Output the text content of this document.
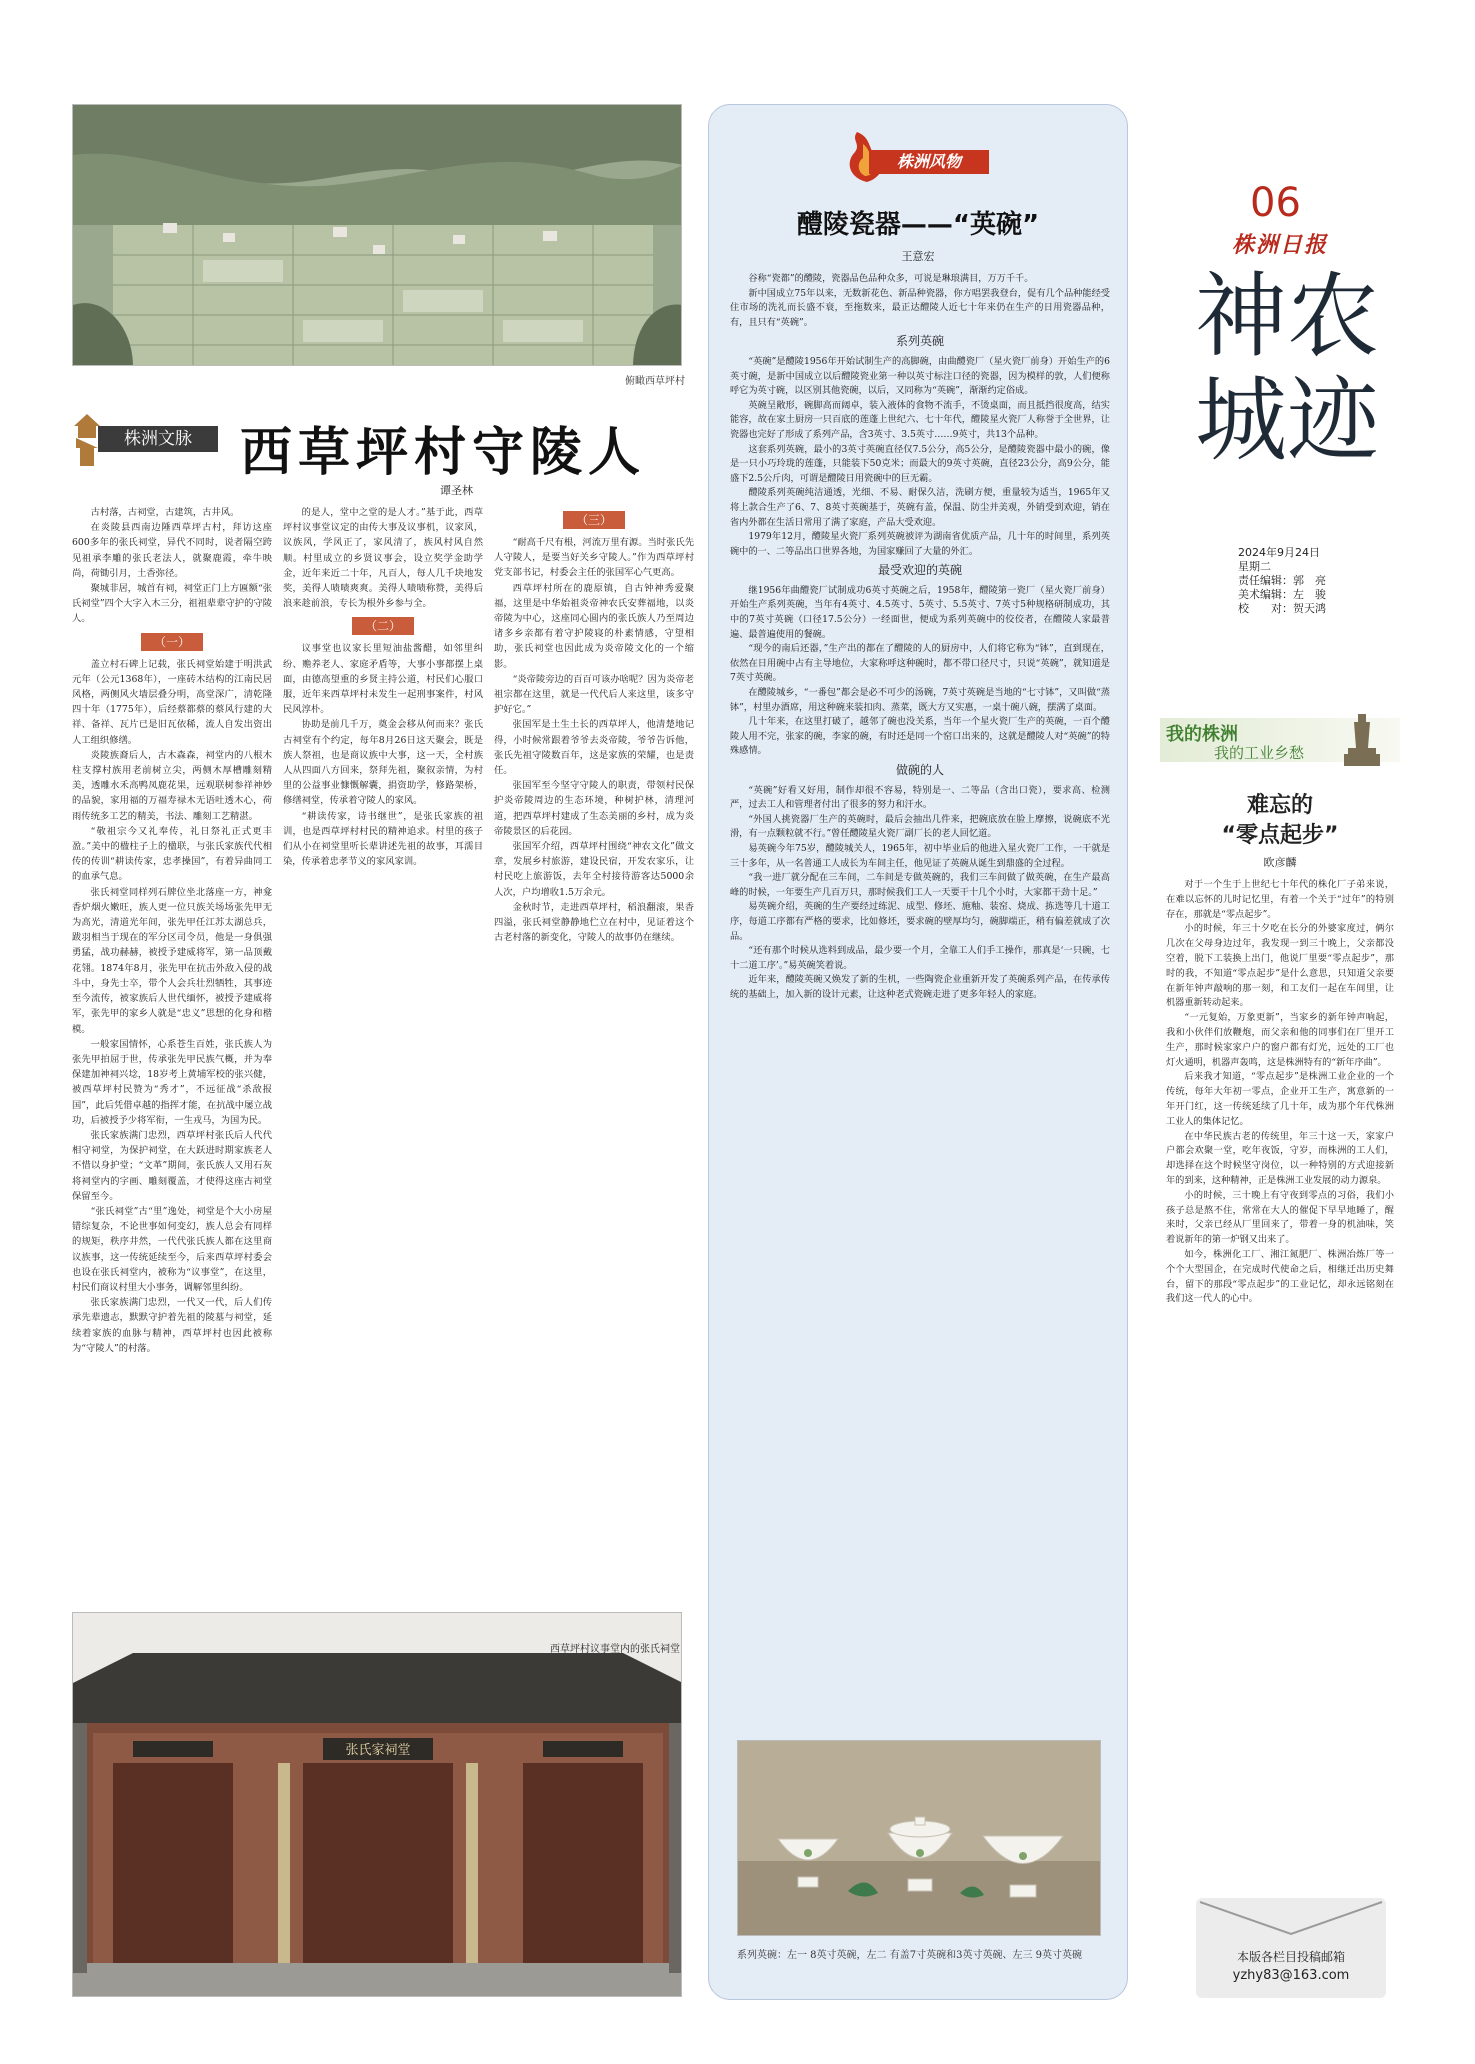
俯瞰西草坪村
株洲文脉 西草坪村守陵人
谭圣林

古村落，古祠堂，古建筑，古井风。

在炎陵县西南边陲西草坪古村，拜访这座600多年的张氏祠堂，异代不同时，说者隔空跨见祖承李雕的张氏老法人，就聚鹿霞，牵牛映尚，荷锄引月，土香弥径。

聚城非居，城首有祠，祠堂正门上方匾额“张氏祠堂”四个大字入木三分，祖祖辈辈守护的守陵人。

（一）

盖立村石碑上记载，张氏祠堂始建于明洪武元年（公元1368年），一座砖木结构的江南民居风格，两侧风火墙层叠分明，高堂深广，清乾隆四十年（1775年），后经蔡都蔡的蔡风行建的大祥、备祥、瓦片已是旧瓦依稀，流人自发出资出人工组织修缮。

炎陵族裔后人，古木森森，祠堂内的八根木柱支撑村族用老前树立尖，两侧木厚槽雕刻精美，透雕水禾高鸭凤鹿花果，远观联树参祥神妙的品貌，家用福的万福寿禄木无语吐透木心，荷雨传统多工艺的精美，书法、雕刻工艺精湛。

“敬祖宗今又礼奉传，礼日祭礼正式更丰盈。”美中的楹柱子上的楹联，与张氏家族代代相传的传训“耕读传家，忠孝操国”，有着异曲同工的血承气息。

张氏祠堂同样列石牌位坐北落座一方，神龛香炉烟火嫩旺，族人更一位只族关场场张先甲无为高光，清道光年间，张先甲任江苏太湖总兵，跋羽相当于现在的军分区司令员，他是一身俱强勇猛，战功赫赫，被授予建威将军，第一品顶戴花翎。1874年8月，张先甲在抗击外敌入侵的战斗中，身先士卒，带个人会兵壮烈牺牲，其事迹至今流传，被家族后人世代缅怀，被授予建威将军，张先甲的家乡人就是“忠义”思想的化身和楷模。

一般家国情怀，心系苍生百姓，张氏族人为张先甲拍屈于世，传承张先甲民族气概，并为奉保建加神祠兴埝，18岁考上黄埔军校的张兴健，被西草坪村民赞为“秀才”，不远征战“杀敌报国”，此后凭借卓越的指挥才能，在抗战中屡立战功，后被授予少将军衔，一生戎马，为国为民。

张氏家族满门忠烈，西草坪村张氏后人代代相守祠堂，为保护祠堂，在大跃进时期家族老人不惜以身护堂；“文革”期间，张氏族人又用石灰将祠堂内的字画、雕刻覆盖，才使得这座古祠堂保留至今。

“张氏祠堂”古“里”逸处，祠堂是个大小房屋错综复杂，不论世事如何变幻，族人总会有同样的规矩，秩序井然，一代代张氏族人都在这里商议族事，这一传统延续至今，后来西草坪村委会也设在张氏祠堂内，被称为“议事堂”，在这里，村民们商议村里大小事务，调解邻里纠纷。

张氏家族满门忠烈，一代又一代，后人们传承先辈遗志，默默守护着先祖的陵墓与祠堂，延续着家族的血脉与精神，西草坪村也因此被称为“守陵人”的村落。

的是人，堂中之堂的是人才。”基于此，西草坪村议事堂议定的由传大事及议事机，议家风，议族风，学风正了，家风清了，族风村风自然顺。村里成立的乡贤议事会，设立奖学金助学金，近年来近二十年，凡百人，每人几千块地发奖，美得人啧啧爽爽。美得人啧啧称赞，美得后浪来趁前浪，专长为根外乡参与全。

（二）

议事堂也议家长里短油盐酱醋，如邻里纠纷、赡养老人、家庭矛盾等，大事小事都摆上桌面，由德高望重的乡贤主持公道，村民们心服口服，近年来西草坪村未发生一起刑事案件，村风民风淳朴。

协助是前几千万，奠金会移从何而来？张氏古祠堂有个约定，每年8月26日这天聚会，既是族人祭祖，也是商议族中大事，这一天，全村族人从四面八方回来，祭拜先祖，聚叙亲情，为村里的公益事业慷慨解囊，捐资助学，修路架桥，修缮祠堂，传承着守陵人的家风。

“耕读传家，诗书继世”，是张氏家族的祖训，也是西草坪村村民的精神追求。村里的孩子们从小在祠堂里听长辈讲述先祖的故事，耳濡目染，传承着忠孝节义的家风家训。

（三）

“耐高千尺有根，河流万里有源。当时张氏先人守陵人，是要当好关乡守陵人。”作为西草坪村党支部书记，村委会主任的张国军心气更高。

西草坪村所在的鹿原镇，自古钟神秀爱聚福，这里是中华始祖炎帝神农氏安葬福地，以炎帝陵为中心，这座同心圆内的张氏族人乃至周边诸多乡亲都有着守护陵寝的朴素情感，守望相助，张氏祠堂也因此成为炎帝陵文化的一个缩影。

“炎帝陵旁边的百百可该办啥呢？因为炎帝老祖宗都在这里，就是一代代后人来这里，该多守护好它。”

张国军是土生土长的西草坪人，他清楚地记得，小时候常跟着爷爷去炎帝陵，爷爷告诉他，张氏先祖守陵数百年，这是家族的荣耀，也是责任。

张国军至今坚守守陵人的职责，带领村民保护炎帝陵周边的生态环境，种树护林，清理河道，把西草坪村建成了生态美丽的乡村，成为炎帝陵景区的后花园。

张国军介绍，西草坪村围绕“神农文化”做文章，发展乡村旅游，建设民宿，开发农家乐，让村民吃上旅游饭，去年全村接待游客达5000余人次，户均增收1.5万余元。

金秋时节，走进西草坪村，稻浪翻滚，果香四溢，张氏祠堂静静地伫立在村中，见证着这个古老村落的新变化，守陵人的故事仍在继续。

张氏家祠堂
西草坪村议事堂内的张氏祠堂
株洲风物
醴陵瓷器——“英碗”
王意宏

谷称“瓷都”的醴陵，瓷器品色品种众多，可说是琳琅满目，万万千千。

新中国成立75年以来，无数新花色、新品种瓷器，你方唱罢我登台，促有几个品种能经受住市场的洗礼而长盛不衰，至拖数来，最正达醴陵人近七十年来仍在生产的日用瓷器品种，有，且只有“英碗”。

系列英碗

“英碗”是醴陵1956年开始试制生产的高脚碗，由曲醴瓷厂（星火瓷厂前身）开始生产的6英寸碗，是新中国成立以后醴陵瓷业第一种以英寸标注口径的瓷器，因为模样的敦，人们便称呼它为英寸碗，以区别其他瓷碗，以后，又同称为“英碗”，渐渐约定俗成。

英碗呈敞形，碗脚高而阔卓，装入液体的食物不流手，不烫桌面，而且抵挡很度高，结实能容，故在家土厨房一只百底的莲蓬上世纪六、七十年代，醴陵星火瓷厂人称誉于全世界，让瓷器也完好了形成了系列产品，含3英寸、3.5英寸……9英寸，共13个品种。

这套系列英碗，最小的3英寸英碗直径仅7.5公分，高5公分，是醴陵瓷器中最小的碗，像是一只小巧玲珑的莲蓬，只能装下50克米；而最大的9英寸英碗，直径23公分，高9公分，能盛下2.5公斤肉，可谓是醴陵日用瓷碗中的巨无霸。

醴陵系列英碗纯洁通透，光细、不易、耐保久洁，洗刷方便，重量较为适当，1965年又将上款合生产了6、7、8英寸英碗基于，英碗有盖，保温、防尘并美观，外销受到欢迎，销在省内外都在生活日常用了满了家庭，产品大受欢迎。

1979年12月，醴陵星火瓷厂系列英碗被评为湖南省优质产品，几十年的时间里，系列英碗中的一、二等品出口世界各地，为国家赚回了大量的外汇。

最受欢迎的英碗

继1956年曲醴瓷厂试制成功6英寸英碗之后，1958年，醴陵第一瓷厂（星火瓷厂前身）开始生产系列英碗，当年有4英寸、4.5英寸、5英寸、5.5英寸、7英寸5种规格研制成功，其中的7英寸英碗（口径17.5公分）一经面世，便成为系列英碗中的佼佼者，在醴陵人家最普遍、最普遍使用的餐碗。

“现今的南后还器，”生产出的都在了醴陵的人的厨房中，人们将它称为“钵”，直到现在，依然在日用碗中占有主导地位，大家称呼这种碗时，都不带口径尺寸，只说“英碗”，就知道是7英寸英碗。

在醴陵城乡，“一番包”都会是必不可少的汤碗，7英寸英碗是当地的“七寸钵”，又叫做“蒸钵”，村里办酒席，用这种碗来装扣肉、蒸菜，既大方又实惠，一桌十碗八碗，摆满了桌面。

几十年来，在这里打破了，越邻了碗也没关系，当年一个星火瓷厂生产的英碗，一百个醴陵人用不完，张家的碗，李家的碗，有时还是同一个窑口出来的，这就是醴陵人对“英碗”的特殊感情。

做碗的人

“英碗”好看又好用，制作却很不容易，特别是一、二等品（含出口瓷），要求高、检测严，过去工人和管理者付出了很多的努力和汗水。

“外国人挑瓷器厂生产的英碗时，最后会抽出几件来，把碗底放在脸上摩擦，说碗底不光滑，有一点颗粒就不行。”曾任醴陵星火瓷厂副厂长的老人回忆道。

易英碗今年75岁，醴陵城关人，1965年，初中毕业后的他进入星火瓷厂工作，一干就是三十多年，从一名普通工人成长为车间主任，他见证了英碗从诞生到鼎盛的全过程。

“我一进厂就分配在三车间，二车间是专做英碗的，我们三车间做了做英碗，在生产最高峰的时候，一年要生产几百万只，那时候我们工人一天要干十几个小时，大家都干劲十足。”

易英碗介绍，英碗的生产要经过练泥、成型、修坯、施釉、装窑、烧成、拣选等几十道工序，每道工序都有严格的要求，比如修坯，要求碗的壁厚均匀，碗脚端正，稍有偏差就成了次品。

“还有那个时候从选料到成品，最少要一个月，全靠工人们手工操作，那真是‘一只碗，七十二道工序’。”易英碗笑着说。

近年来，醴陵英碗又焕发了新的生机，一些陶瓷企业重新开发了英碗系列产品，在传承传统的基础上，加入新的设计元素，让这种老式瓷碗走进了更多年轻人的家庭。

系列英碗：左一 8英寸英碗，左二 有盖7寸英碗和3英寸英碗、左三 9英寸英碗
06
株洲日报
神农城迹
2024年9月24日
星期二
责任编辑：郭　亮
美术编辑：左　骏
校　　对：贺天鸿
我的株洲
我的工业乡愁
难忘的
“零点起步”
欧彦麟

对于一个生于上世纪七十年代的株化厂子弟来说，在难以忘怀的儿时记忆里，有着一个关于“过年”的特别存在，那就是“零点起步”。

小的时候，年三十夕吃在长分的外婆家度过，俩尔几次在父母身边过年，我发现一到三十晚上，父亲都没空着，脱下工装换上出门，他说厂里要“零点起步”，那时的我，不知道“零点起步”是什么意思，只知道父亲要在新年钟声敲响的那一刻，和工友们一起在车间里，让机器重新转动起来。

“一元复始，万象更新”，当家乡的新年钟声响起，我和小伙伴们放鞭炮，而父亲和他的同事们在厂里开工生产，那时候家家户户的窗户都有灯光，远处的工厂也灯火通明，机器声轰鸣，这是株洲特有的“新年序曲”。

后来我才知道，“零点起步”是株洲工业企业的一个传统，每年大年初一零点，企业开工生产，寓意新的一年开门红，这一传统延续了几十年，成为那个年代株洲工业人的集体记忆。

在中华民族古老的传统里，年三十这一天，家家户户都会欢聚一堂，吃年夜饭，守岁，而株洲的工人们，却选择在这个时候坚守岗位，以一种特别的方式迎接新年的到来，这种精神，正是株洲工业发展的动力源泉。

小的时候，三十晚上有守夜到零点的习俗，我们小孩子总是熬不住，常常在大人的催促下早早地睡了，醒来时，父亲已经从厂里回来了，带着一身的机油味，笑着说新年的第一炉钢又出来了。

如今，株洲化工厂、湘江氮肥厂、株洲冶炼厂等一个个大型国企，在完成时代使命之后，相继迁出历史舞台，留下的那段“零点起步”的工业记忆，却永远铭刻在我们这一代人的心中。

本版各栏目投稿邮箱
yzhy83@163.com
